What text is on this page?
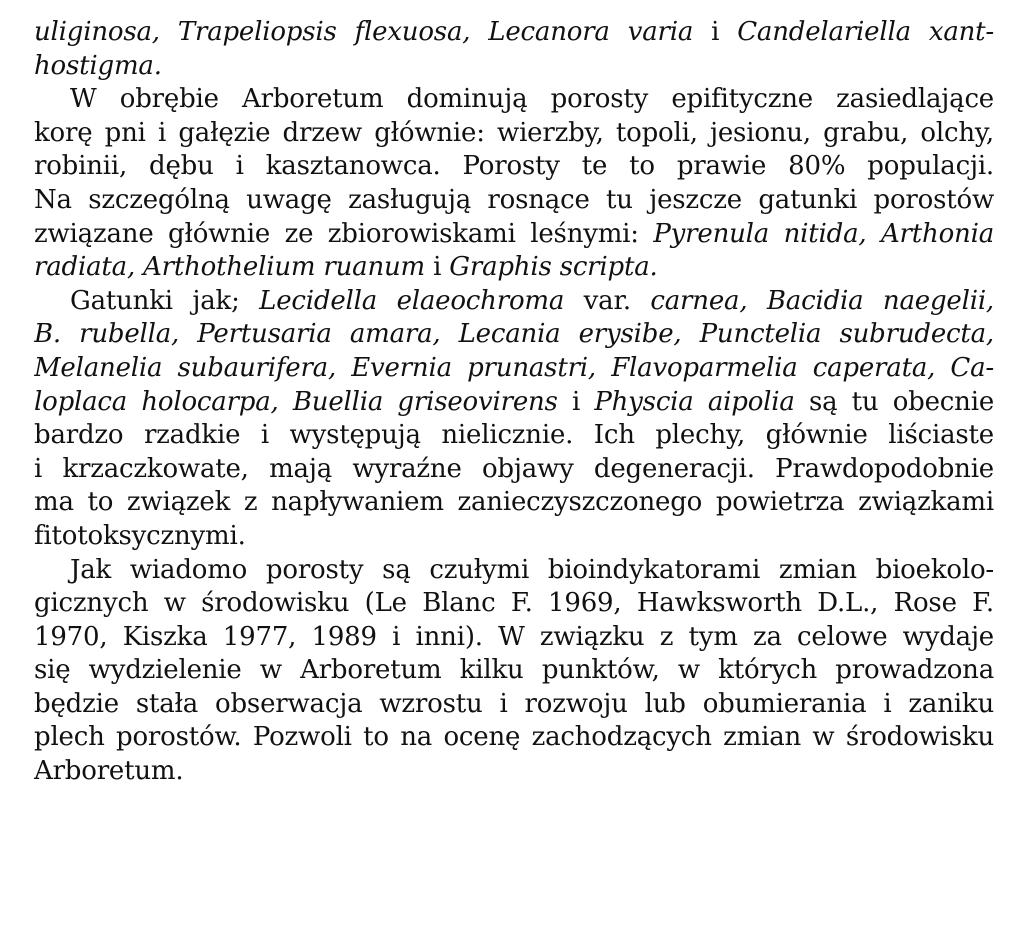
uliginosa, Trapeliopsis flexuosa, Lecanora varia i Candelariella xant-
hostigma.
W obrębie Arboretum dominują porosty epifityczne zasiedlające
korę pni i gałęzie drzew głównie: wierzby, topoli, jesionu, grabu, olchy,
robinii, dębu i kasztanowca. Porosty te to prawie 80% populacji.
Na szczególną uwagę zasługują rosnące tu jeszcze gatunki porostów
związane głównie ze zbiorowiskami leśnymi: Pyrenula nitida, Arthonia
radiata, Arthothelium ruanum i Graphis scripta.
Gatunki jak; Lecidella elaeochroma var. carnea, Bacidia naegelii,
B. rubella, Pertusaria amara, Lecania erysibe, Punctelia subrudecta,
Melanelia subaurifera, Evernia prunastri, Flavoparmelia caperata, Ca-
loplaca holocarpa, Buellia griseovirens i Physcia aipolia są tu obecnie
bardzo rzadkie i występują nielicznie. Ich plechy, głównie liściaste
i krzaczkowate, mają wyraźne objawy degeneracji. Prawdopodobnie
ma to związek z napływaniem zanieczyszczonego powietrza związkami
fitotoksycznymi.
Jak wiadomo porosty są czułymi bioindykatorami zmian bioekolo-
gicznych w środowisku (Le Blanc F. 1969, Hawksworth D.L., Rose F.
1970, Kiszka 1977, 1989 i inni). W związku z tym za celowe wydaje
się wydzielenie w Arboretum kilku punktów, w których prowadzona
będzie stała obserwacja wzrostu i rozwoju lub obumierania i zaniku
plech porostów. Pozwoli to na ocenę zachodzących zmian w środowisku
Arboretum.
